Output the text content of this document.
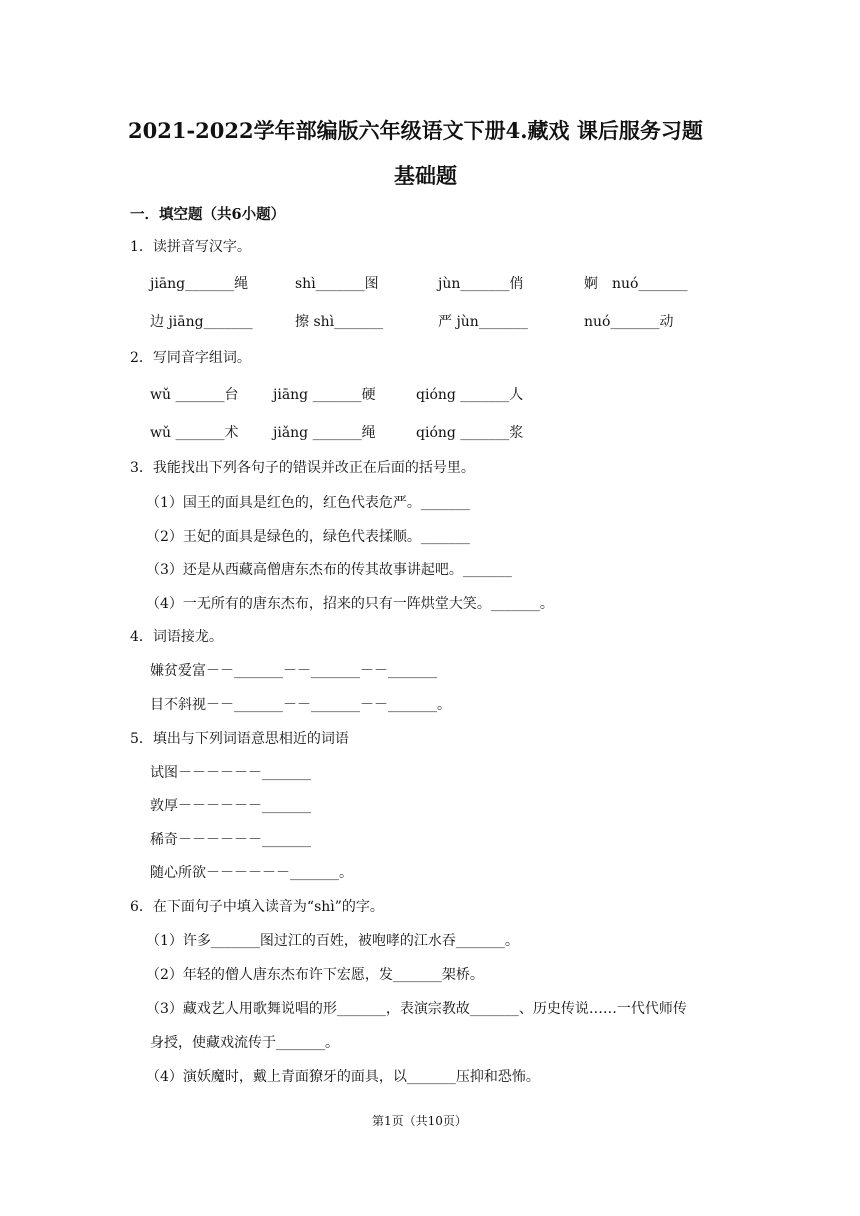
2021-2022学年部编版六年级语文下册4.藏戏 课后服务习题
基础题
一．填空题（共6小题）
1．读拼音写汉字。
jiāng_______绳	shì_______图	jùn_______俏	婀　nuó_______
边 jiāng_______	擦 shì_______	严 jùn_______	nuó_______动
2．写同音字组词。
wǔ _______台 jiāng _______硬	qióng _______人
wǔ _______术 jiǎng _______绳	qióng _______浆
3．我能找出下列各句子的错误并改正在后面的括号里。
（1）国王的面具是红色的，红色代表危严。_______
（2）王妃的面具是绿色的，绿色代表揉顺。_______
（3）还是从西藏高僧唐东杰布的传其故事讲起吧。_______
（4）一无所有的唐东杰布，招来的只有一阵烘堂大笑。_______。
4．词语接龙。
嫌贫爱富－－_______－－_______－－_______
目不斜视－－_______－－_______－－_______。
5．填出与下列词语意思相近的词语
试图－－－－－－_______
敦厚－－－－－－_______
稀奇－－－－－－_______
随心所欲－－－－－－_______。
6．在下面句子中填入读音为“shì”的字。
（1）许多_______图过江的百姓，被咆哮的江水吞_______。
（2）年轻的僧人唐东杰布许下宏愿，发_______架桥。
（3）藏戏艺人用歌舞说唱的形_______，表演宗教故_______、历史传说……一代代师传
身授，使藏戏流传于_______。
（4）演妖魔时，戴上青面獠牙的面具，以_______压抑和恐怖。
第1页（共10页）
